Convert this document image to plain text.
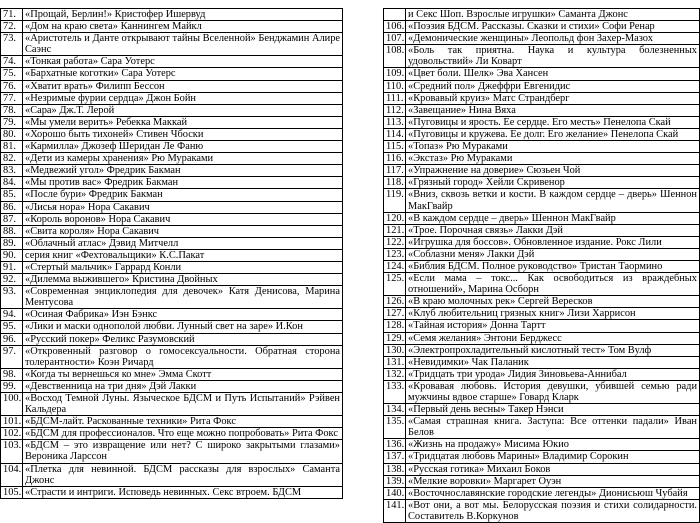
71.	«Прощай, Берлин!» Кристофер Ишервуд
72.	«Дом на краю света» Каннингем Майкл
73.	«Аристотель и Данте открывают тайны Вселенной» Бенджамин Алире Саэнс
74.	«Тонкая работа» Сара Уотерс
75.	«Бархатные коготки» Сара Уотерс
76.	«Хватит врать» Филипп Бессон
77.	«Незримые фурии сердца» Джон Бойн
78.	«Сара» Дж.Т. Лерой
79.	«Мы умели верить» Ребекка Маккай
80.	«Хорошо быть тихоней» Стивен Чбоски
81.	«Кармилла» Джозеф Шеридан Ле Фаню
82.	«Дети из камеры хранения» Рю Мураками
83.	«Медвежий угол» Фредрик Бакман
84.	«Мы против вас» Фредрик Бакман
85.	«После бури» Фредрик Бакман
86.	«Лисья нора» Нора Сакавич
87.	«Король воронов» Нора Сакавич
88.	«Свита короля» Нора Сакавич
89.	«Облачный атлас» Дэвид Митчелл
90.	серия книг «Фехтовальщики» К.С.Пакат
91.	«Стертый мальчик» Гаррард Конли
92.	«Дилемма выжившего» Кристина Двойных
93.	«Современная энциклопедия для девочек» Катя Денисова, Марина Ментусова
94.	«Осиная Фабрика» Иэн Бэнкс
95.	«Лики и маски однополой любви. Лунный свет на заре» И.Кон
96.	«Русский покер» Феликс Разумовский
97.	«Откровенный разговор о гомосексуальности. Обратная сторона толерантности» Коэн Ричард
98.	«Когда ты вернешься ко мне» Эмма Скотт
99.	«Девственница на три дня» Дэй Лакки
100.	«Восход Темной Луны. Языческое БДСМ и Путь Испытаний» Рэйвен Кальдера
101.	«БДСМ-лайт. Раскованные техники» Рита Фокс
102.	«БДСМ для профессионалов. Что еще можно попробовать» Рита Фокс
103.	«БДСМ – это извращение или нет? С широко закрытыми глазами» Вероника Ларссон
104.	«Плетка для невинной. БДСМ рассказы для взрослых» Саманта Джонс
105.	«Страсти и интриги. Исповедь невинных. Секс втроем. БДСМ
	и Секс Шоп. Взрослые игрушки» Саманта Джонс
106.	«Поэзия БДСМ. Рассказы. Сказки и стихи» Софи Ренар
107.	«Демонические женщины» Леопольд фон Захер-Мазох
108.	«Боль так приятна. Наука и культура болезненных удовольствий» Ли Коварт
109.	«Цвет боли. Шелк» Эва Хансен
110.	«Средний пол» Джеффри Евгенидис
111.	«Кровавый круиз» Матс Страндберг
112.	«Завещание» Нина Вяха
113.	«Пуговицы и ярость. Ее сердце. Его месть» Пенелопа Скай
114.	«Пуговицы и кружева. Ее долг. Его желание» Пенелопа Скай
115.	«Топаз» Рю Мураками
116.	«Экстаз» Рю Мураками
117.	«Упражнение на доверие» Сюзьен Чой
118.	«Грязный город» Хейли Скривенор
119.	«Вниз, сквозь ветки и кости. В каждом сердце – дверь» Шеннон МакГвайр
120.	«В каждом сердце – дверь» Шеннон МакГвайр
121.	«Трое. Порочная связь» Лакки Дэй
122.	«Игрушка для боссов». Обновленное издание. Рокс Лили
123.	«Соблазни меня» Лакки Дэй
124.	«Библия БДСМ. Полное руководство» Тристан Таормино
125.	«Если мама – токс... Как освободиться из враждебных отношений», Марина Осборн
126.	«В краю молочных рек» Сергей Вересков
127.	«Клуб любительниц грязных книг» Лизи Харрисон
128.	«Тайная история» Донна Тартт
129.	«Семя желания» Энтони Берджесс
130.	«Электропрохладительный кислотный тест» Том Вулф
131.	«Невидимки» Чак Паланик
132.	«Тридцать три урода» Лидия Зиновьева-Аннибал
133.	«Кровавая любовь. История девушки, убившей семью ради мужчины вдвое старше» Говард Кларк
134.	«Первый день весны» Такер Нэнси
135.	«Самая страшная книга. Заступа: Все оттенки падали» Иван Белов
136.	«Жизнь на продажу» Мисима Юкио
137.	«Тридцатая любовь Марины» Владимир Сорокин
138.	«Русская готика» Михаил Боков
139.	«Мелкие воровки» Маргарет Оуэн
140.	«Восточнославянские городские легенды» Дионисьюш Чубайя
141.	«Вот они, а вот мы. Белорусская поэзия и стихи солидарности. Составитель В.Коркунов
